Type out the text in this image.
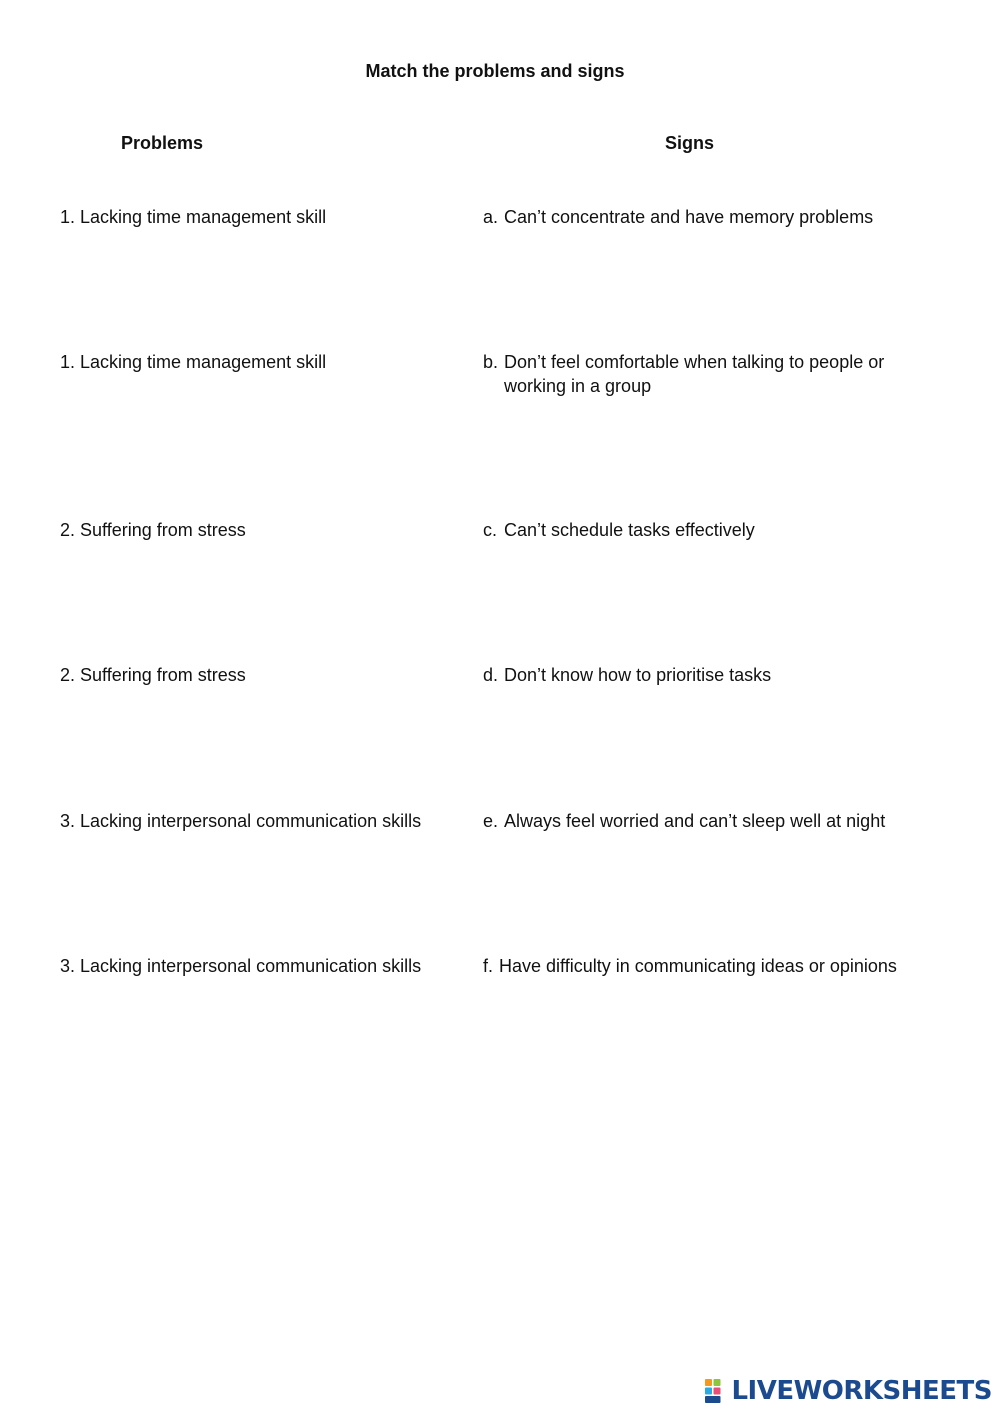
Match the problems and signs
Problems	Signs
1. Lacking time management skill	a. Can’t concentrate and have memory problems
1. Lacking time management skill	b. Don’t feel comfortable when talking to people or working in a group
2. Suffering from stress	c. Can’t schedule tasks effectively
2. Suffering from stress	d. Don’t know how to prioritise tasks
3. Lacking interpersonal communication skills	e. Always feel worried and can’t sleep well at night
3. Lacking interpersonal communication skills	f. Have difficulty in communicating ideas or opinions
LIVEWORKSHEETS
